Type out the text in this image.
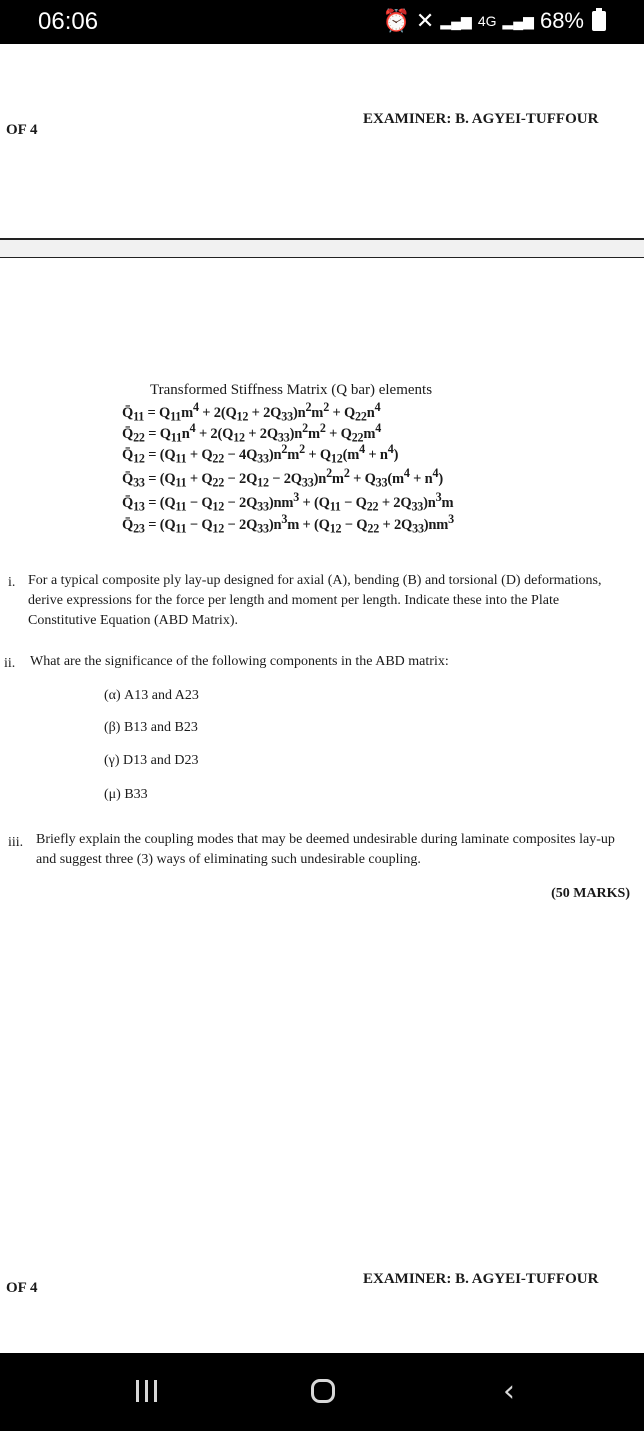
06:06	⏰ ✕ ▂▄▆ 4G ▂▄▆ 68%
OF 4
EXAMINER: B. AGYEI-TUFFOUR
Transformed Stiffness Matrix (Q bar) elements
$Q̄_{11} = Q_{11}m^4 + 2(Q_{12} + 2Q_{33})n^2m^2 + Q_{22}n^4$
$Q̄_{22} = Q_{11}n^4 + 2(Q_{12} + 2Q_{33})n^2m^2 + Q_{22}m^4$
$Q̄_{12} = (Q_{11} + Q_{22} - 4Q_{33})n^2m^2 + Q_{12}(m^4 + n^4)$
$Q̄_{33} = (Q_{11} + Q_{22} - 2Q_{12} - 2Q_{33})n^2m^2 + Q_{33}(m^4 + n^4)$
$Q̄_{13} = (Q_{11} - Q_{12} - 2Q_{33})nm^3 + (Q_{11} - Q_{22} + 2Q_{33})n^3m$
$Q̄_{23} = (Q_{11} - Q_{12} - 2Q_{33})n^3m + (Q_{12} - Q_{22} + 2Q_{33})nm^3$
i. For a typical composite ply lay-up designed for axial (A), bending (B) and torsional (D) deformations, derive expressions for the force per length and moment per length. Indicate these into the Plate Constitutive Equation (ABD Matrix).
ii. What are the significance of the following components in the ABD matrix:
(α) A13 and A23
(β) B13 and B23
(γ) D13 and D23
(μ) B33
iii. Briefly explain the coupling modes that may be deemed undesirable during laminate composites lay-up and suggest three (3) ways of eliminating such undesirable coupling.
(50 MARKS)
OF 4
EXAMINER: B. AGYEI-TUFFOUR
‹
